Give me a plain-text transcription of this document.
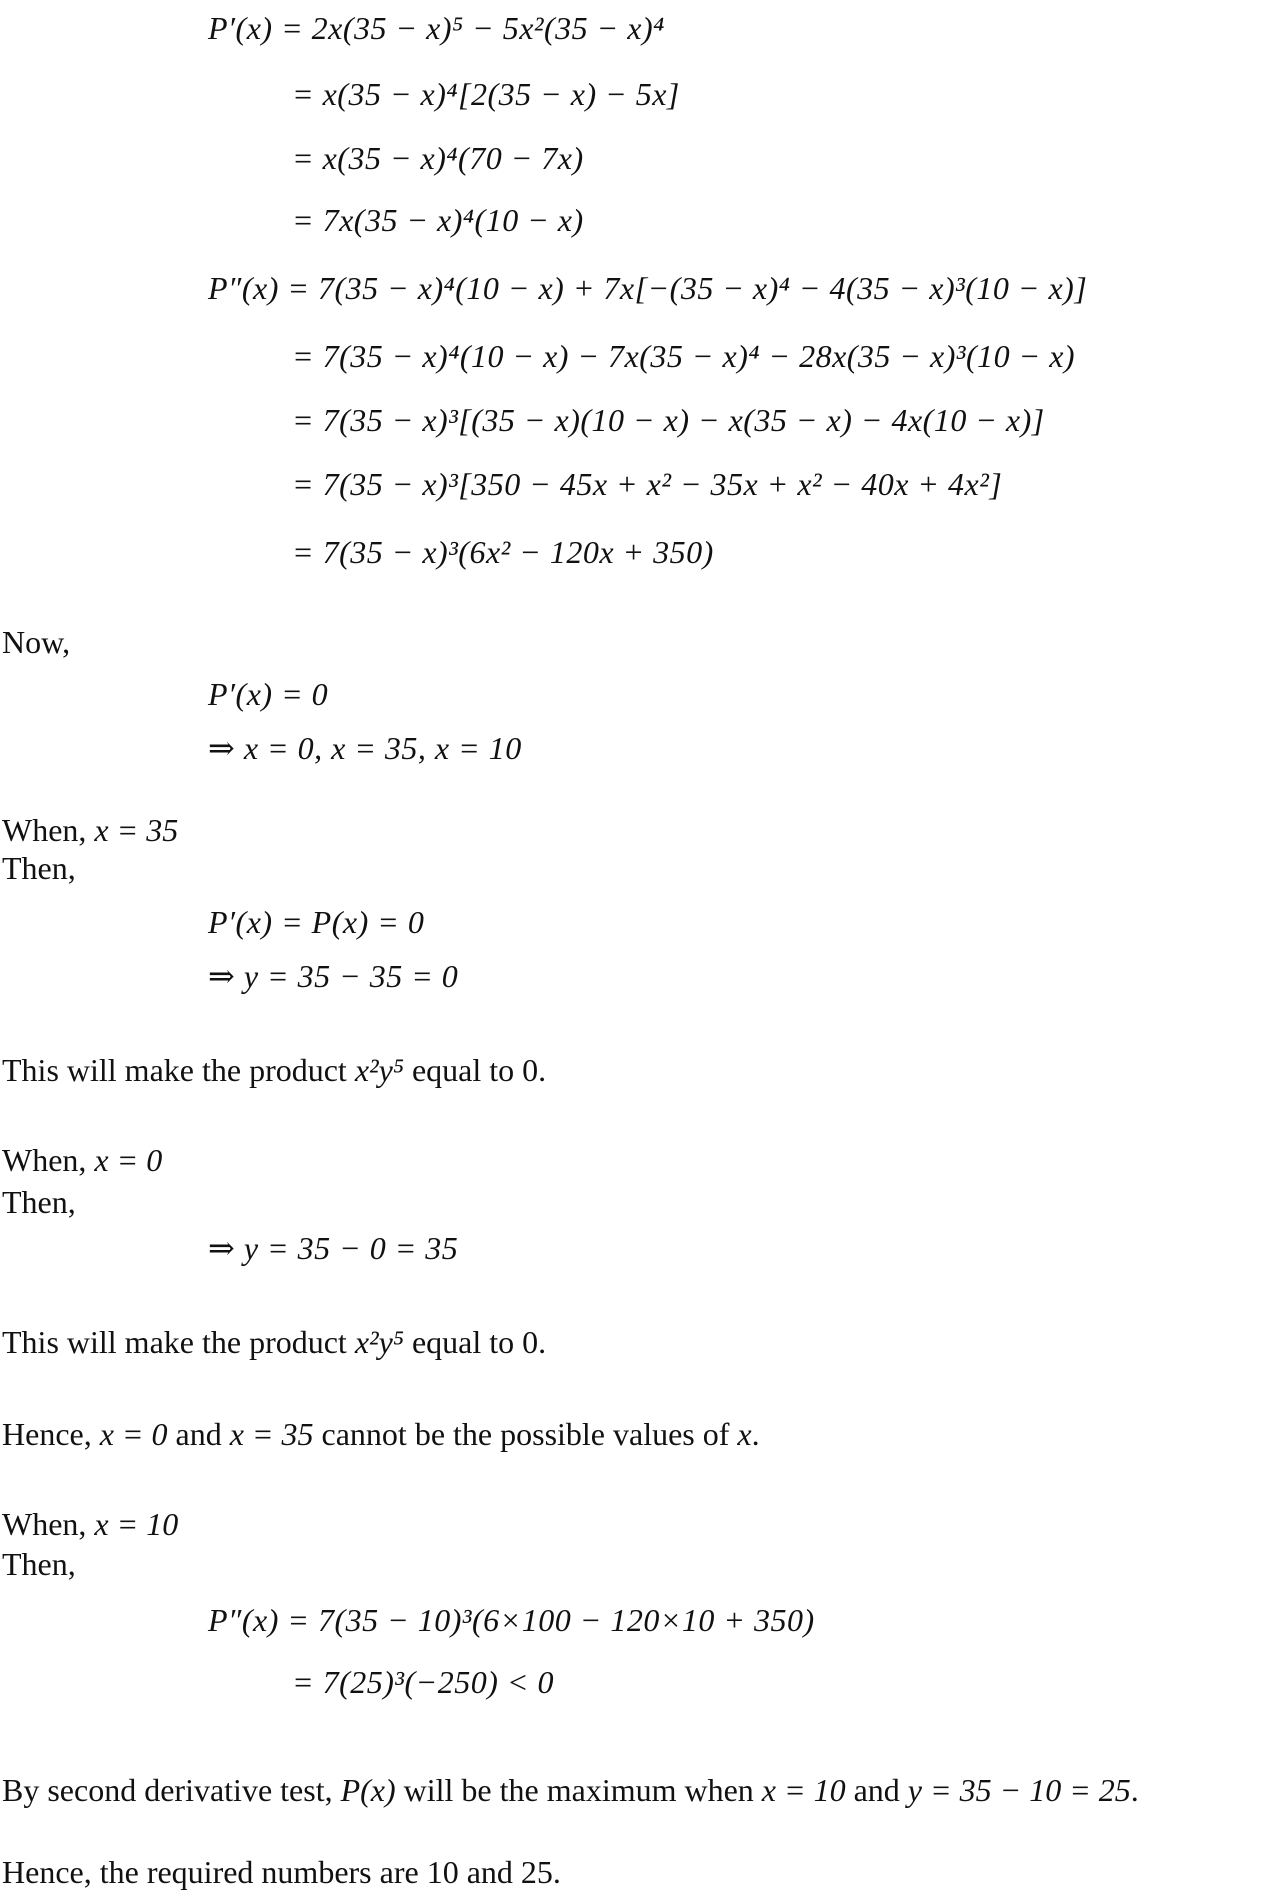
P′(x) = 2x(35 − x)⁵ − 5x²(35 − x)⁴
= x(35 − x)⁴[2(35 − x) − 5x]
= x(35 − x)⁴(70 − 7x)
= 7x(35 − x)⁴(10 − x)
P″(x) = 7(35 − x)⁴(10 − x) + 7x[−(35 − x)⁴ − 4(35 − x)³(10 − x)]
= 7(35 − x)⁴(10 − x) − 7x(35 − x)⁴ − 28x(35 − x)³(10 − x)
= 7(35 − x)³[(35 − x)(10 − x) − x(35 − x) − 4x(10 − x)]
= 7(35 − x)³[350 − 45x + x² − 35x + x² − 40x + 4x²]
= 7(35 − x)³(6x² − 120x + 350)
Now,
P′(x) = 0
⇒ x = 0, x = 35, x = 10
When, x = 35
Then,
P′(x) = P(x) = 0
⇒ y = 35 − 35 = 0
This will make the product x²y⁵ equal to 0.
When, x = 0
Then,
⇒ y = 35 − 0 = 35
This will make the product x²y⁵ equal to 0.
Hence, x = 0 and x = 35 cannot be the possible values of x.
When, x = 10
Then,
P″(x) = 7(35 − 10)³(6×100 − 120×10 + 350)
= 7(25)³(−250) < 0
By second derivative test, P(x) will be the maximum when x = 10 and y = 35 − 10 = 25.
Hence, the required numbers are 10 and 25.
